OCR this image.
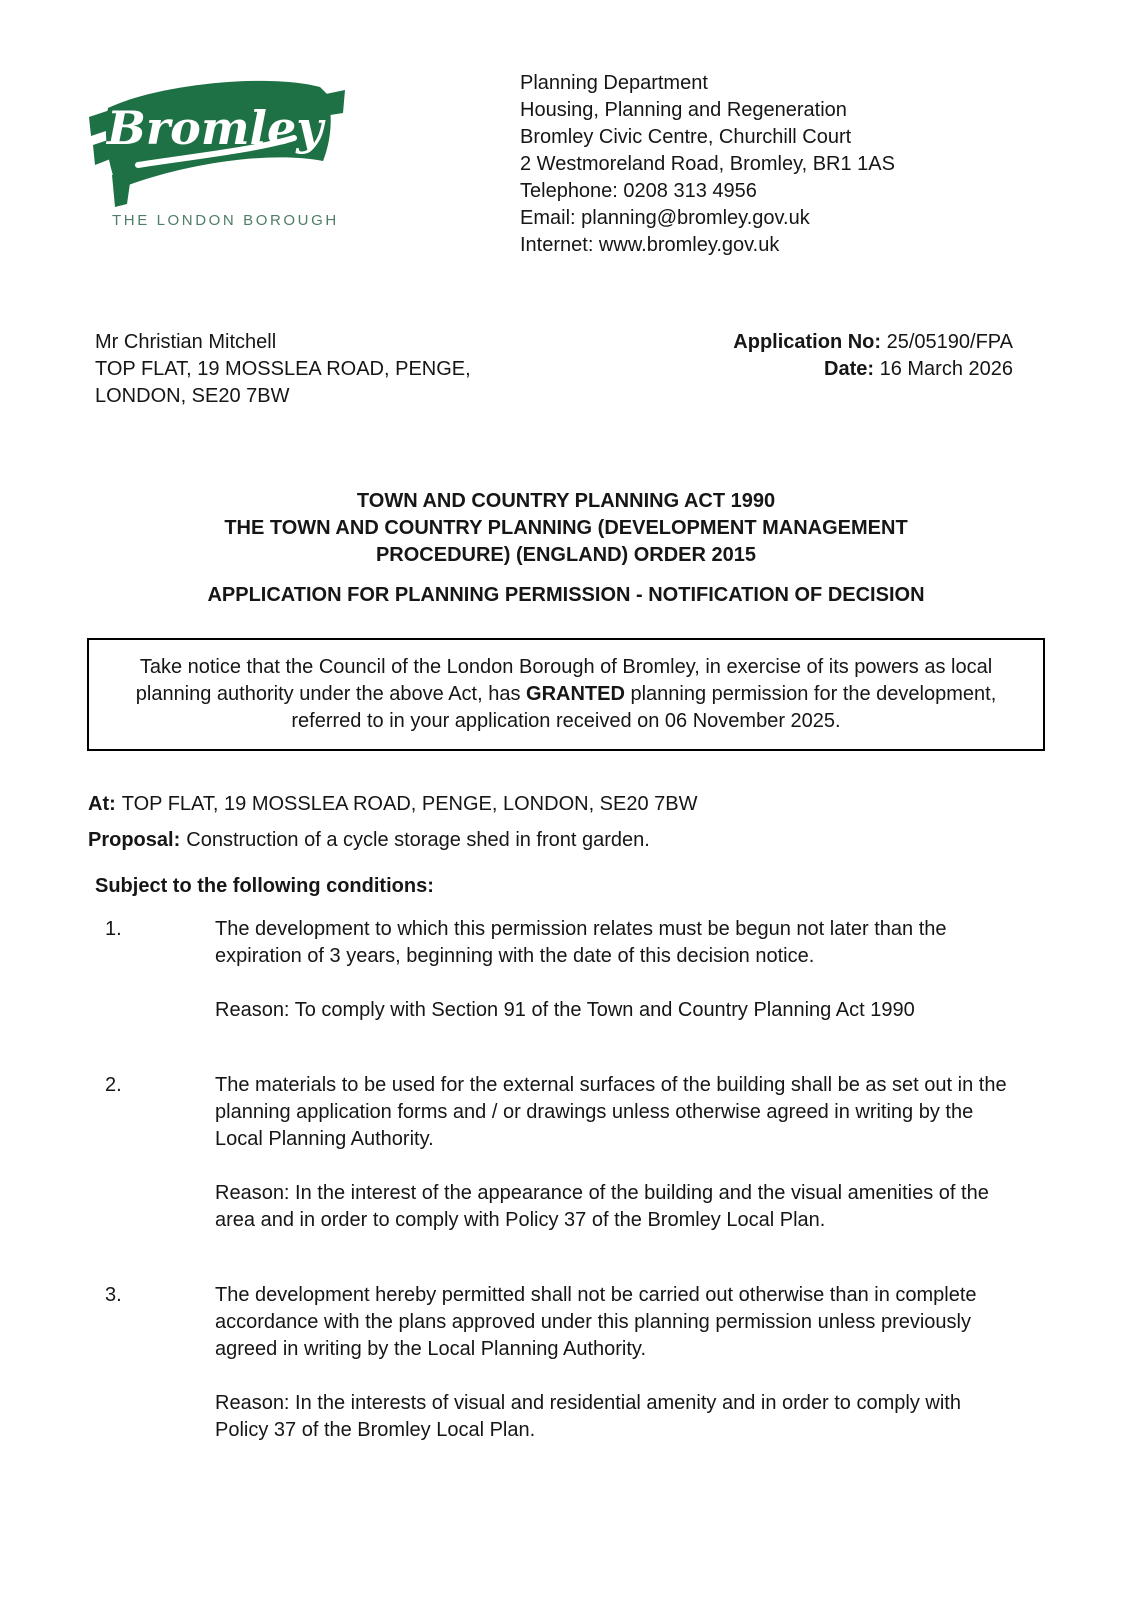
Bromley
THE LONDON BOROUGH
Planning Department
Housing, Planning and Regeneration
Bromley Civic Centre, Churchill Court
2 Westmoreland Road, Bromley, BR1 1AS
Telephone: 0208 313 4956
Email: planning@bromley.gov.uk
Internet: www.bromley.gov.uk
Mr Christian Mitchell
TOP FLAT, 19 MOSSLEA ROAD, PENGE,
LONDON, SE20 7BW
Application No: 25/05190/FPA
Date: 16 March 2026
TOWN AND COUNTRY PLANNING ACT 1990
THE TOWN AND COUNTRY PLANNING (DEVELOPMENT MANAGEMENT
PROCEDURE) (ENGLAND) ORDER 2015
APPLICATION FOR PLANNING PERMISSION - NOTIFICATION OF DECISION
Take notice that the Council of the London Borough of Bromley, in exercise of its powers as local planning authority under the above Act, has GRANTED planning permission for the development, referred to in your application received on 06 November 2025.
At: TOP FLAT, 19 MOSSLEA ROAD, PENGE, LONDON, SE20 7BW
Proposal: Construction of a cycle storage shed in front garden.
Subject to the following conditions:
1.	The development to which this permission relates must be begun not later than the expiration of 3 years, beginning with the date of this decision notice.
Reason: To comply with Section 91 of the Town and Country Planning Act 1990
2.	The materials to be used for the external surfaces of the building shall be as set out in the planning application forms and / or drawings unless otherwise agreed in writing by the Local Planning Authority.
Reason: In the interest of the appearance of the building and the visual amenities of the area and in order to comply with Policy 37 of the Bromley Local Plan.
3.	The development hereby permitted shall not be carried out otherwise than in complete accordance with the plans approved under this planning permission unless previously agreed in writing by the Local Planning Authority.
Reason: In the interests of visual and residential amenity and in order to comply with Policy 37 of the Bromley Local Plan.
